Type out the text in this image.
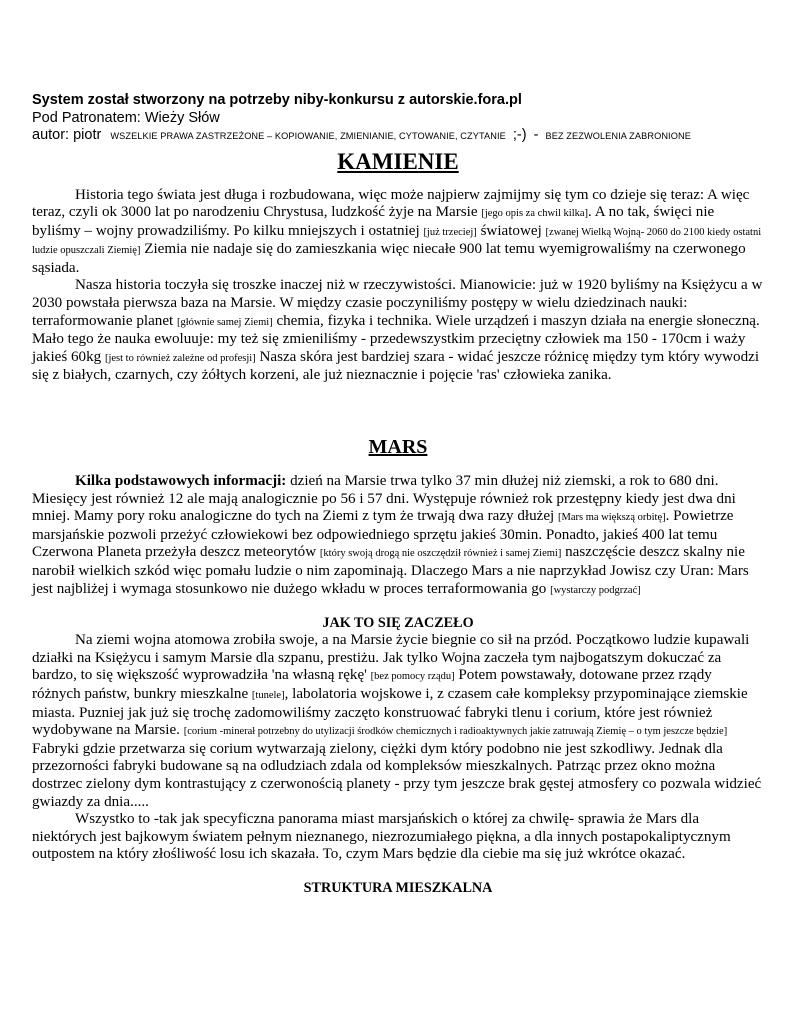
System został stworzony na potrzeby niby-konkursu z autorskie.fora.pl
Pod Patronatem: Wieży Słów
autor: piotr WSZELKIE PRAWA ZASTRZEŻONE – KOPIOWANIE, ZMIENIANIE, CYTOWANIE, CZYTANIE ;-) - BEZ ZEZWOLENIA ZABRONIONE
KAMIENIE

Historia tego świata jest długa i rozbudowana, więc może najpierw zajmijmy się tym co dzieje się teraz: A więc teraz, czyli ok 3000 lat po narodzeniu Chrystusa, ludzkość żyje na Marsie [jego opis za chwil kilka]. A no tak, święci nie byliśmy – wojny prowadziliśmy. Po kilku mniejszych i ostatniej [już trzeciej] światowej [zwanej Wielką Wojną- 2060 do 2100 kiedy ostatni ludzie opuszczali Ziemię] Ziemia nie nadaje się do zamieszkania więc niecałe 900 lat temu wyemigrowaliśmy na czerwonego sąsiada.

Nasza historia toczyła się troszke inaczej niż w rzeczywistości. Mianowicie: już w 1920 byliśmy na Księżycu a w 2030 powstała pierwsza baza na Marsie. W między czasie poczyniliśmy postępy w wielu dziedzinach nauki: terraformowanie planet [głównie samej Ziemi] chemia, fizyka i technika. Wiele urządzeń i maszyn działa na energie słoneczną. Mało tego że nauka ewoluuje: my też się zmieniliśmy - przedewszystkim przeciętny człowiek ma 150 - 170cm i waży jakieś 60kg [jest to również zależne od profesji] Nasza skóra jest bardziej szara - widać jeszcze różnicę między tym który wywodzi się z białych, czarnych, czy żółtych korzeni, ale już nieznacznie i pojęcie 'ras' człowieka zanika.

MARS

Kilka podstawowych informacji: dzień na Marsie trwa tylko 37 min dłużej niż ziemski, a rok to 680 dni. Miesięcy jest również 12 ale mają analogicznie po 56 i 57 dni. Występuje również rok przestępny kiedy jest dwa dni mniej. Mamy pory roku analogiczne do tych na Ziemi z tym że trwają dwa razy dłużej [Mars ma większą orbitę]. Powietrze marsjańskie pozwoli przeżyć człowiekowi bez odpowiedniego sprzętu jakieś 30min. Ponadto, jakieś 400 lat temu Czerwona Planeta przeżyła deszcz meteorytów [który swoją drogą nie oszczędził również i samej Ziemi] naszczęście deszcz skalny nie narobił wielkich szkód więc pomału ludzie o nim zapominają. Dlaczego Mars a nie naprzykład Jowisz czy Uran: Mars jest najbliżej i wymaga stosunkowo nie dużego wkładu w proces terraformowania go [wystarczy podgrzać]

JAK TO SIĘ ZACZEŁO

Na ziemi wojna atomowa zrobiła swoje, a na Marsie życie biegnie co sił na przód. Początkowo ludzie kupawali działki na Księżycu i samym Marsie dla szpanu, prestiżu. Jak tylko Wojna zaczeła tym najbogatszym dokuczać za bardzo, to się większość wyprowadziła 'na własną rękę' [bez pomocy rządu] Potem powstawały, dotowane przez rządy różnych państw, bunkry mieszkalne [tunele], labolatoria wojskowe i, z czasem całe kompleksy przypominające ziemskie miasta. Puzniej jak już się trochę zadomowiliśmy zaczęto konstruować fabryki tlenu i corium, które jest również wydobywane na Marsie. [corium -minerał potrzebny do utylizacji środków chemicznych i radioaktywnych jakie zatruwają Ziemię – o tym jeszcze będzie] Fabryki gdzie przetwarza się corium wytwarzają zielony, ciężki dym który podobno nie jest szkodliwy. Jednak dla przezorności fabryki budowane są na odludziach zdala od kompleksów mieszkalnych. Patrząc przez okno można dostrzec zielony dym kontrastujący z czerwonością planety - przy tym jeszcze brak gęstej atmosfery co pozwala widzieć gwiazdy za dnia.....

Wszystko to -tak jak specyficzna panorama miast marsjańskich o której za chwilę- sprawia że Mars dla niektórych jest bajkowym światem pełnym nieznanego, niezrozumiałego piękna, a dla innych postapokaliptycznym outpostem na który złośliwość losu ich skazała. To, czym Mars będzie dla ciebie ma się już wkrótce okazać.

STRUKTURA MIESZKALNA
